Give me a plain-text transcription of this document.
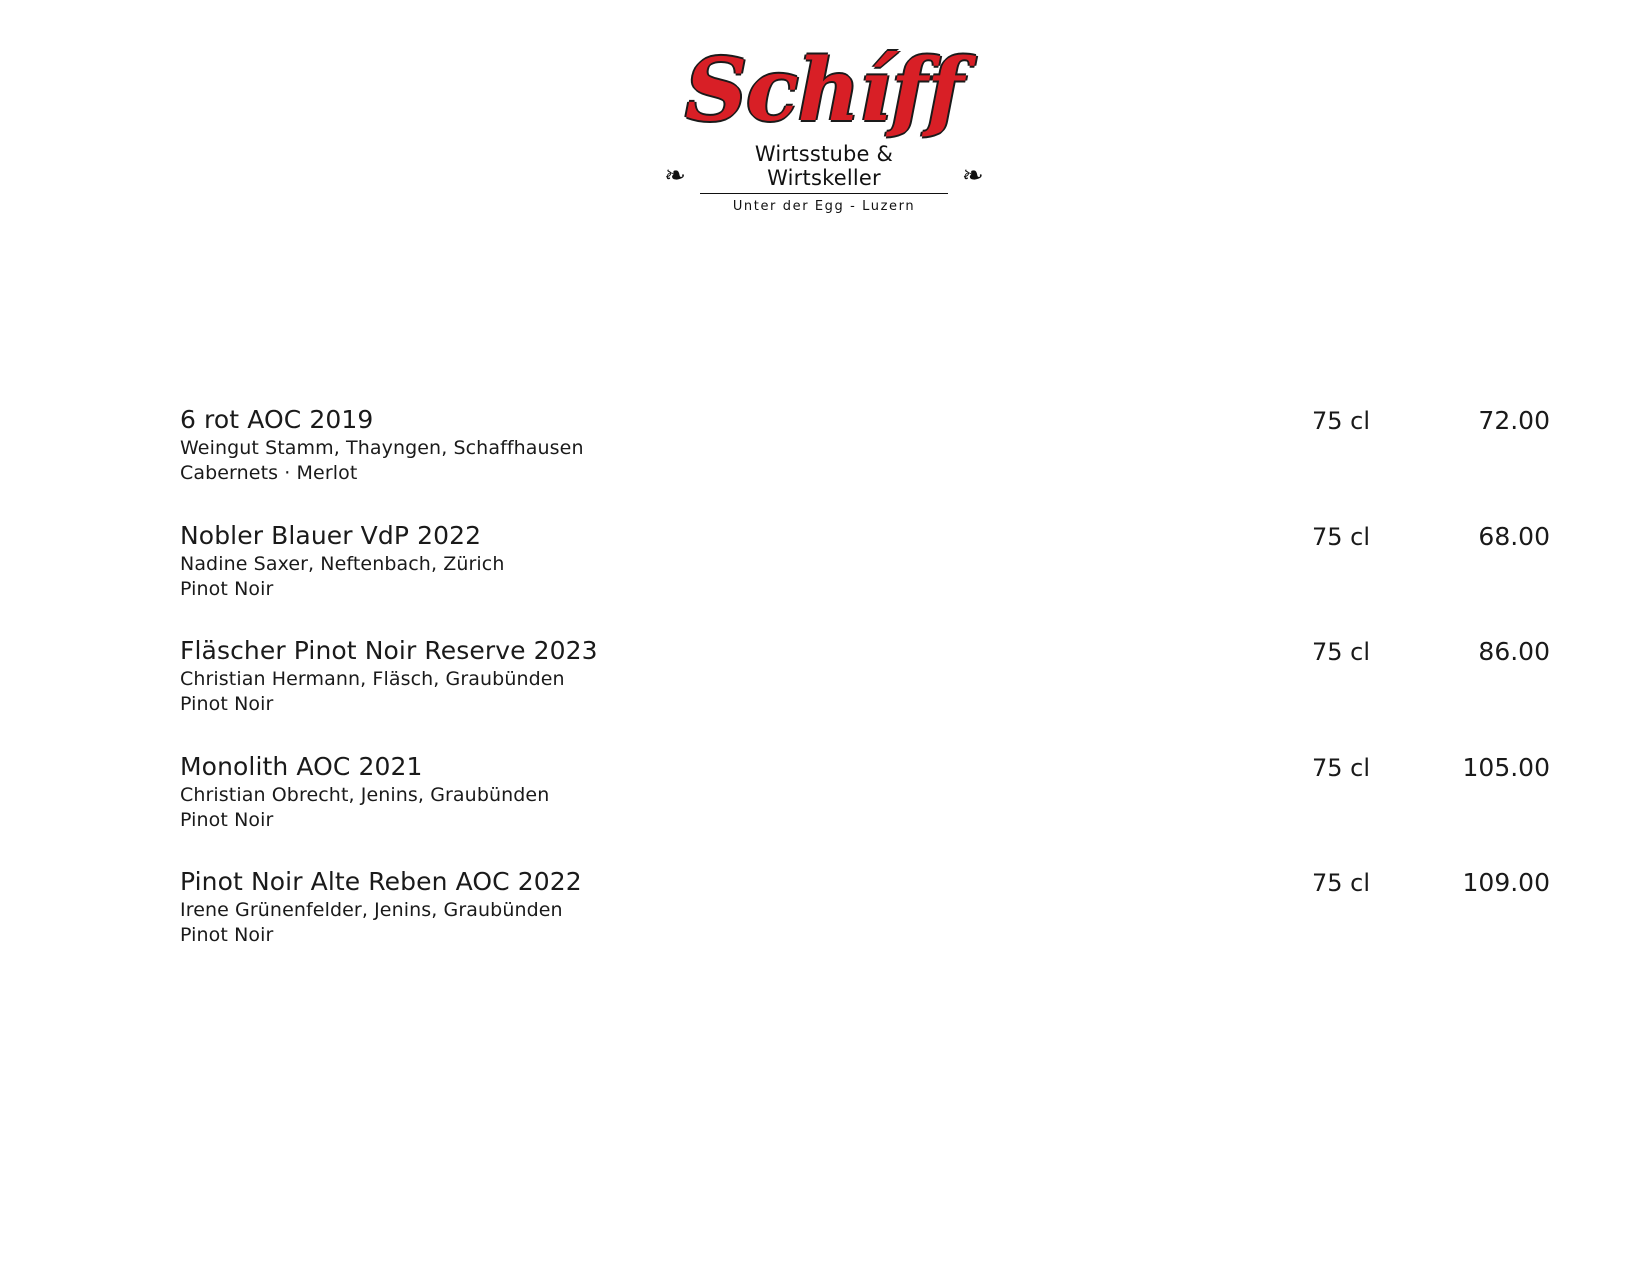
Schíff
❧
Wirtsstube & Wirtskeller
Unter der Egg - Luzern
❧
6 rot AOC 2019
Weingut Stamm, Thayngen, Schaffhausen
Cabernets · Merlot
75 cl	72.00
Nobler Blauer VdP 2022
Nadine Saxer, Neftenbach, Zürich
Pinot Noir
75 cl	68.00
Fläscher Pinot Noir Reserve 2023
Christian Hermann, Fläsch, Graubünden
Pinot Noir
75 cl	86.00
Monolith AOC 2021
Christian Obrecht, Jenins, Graubünden
Pinot Noir
75 cl	105.00
Pinot Noir Alte Reben AOC 2022
Irene Grünenfelder, Jenins, Graubünden
Pinot Noir
75 cl	109.00
